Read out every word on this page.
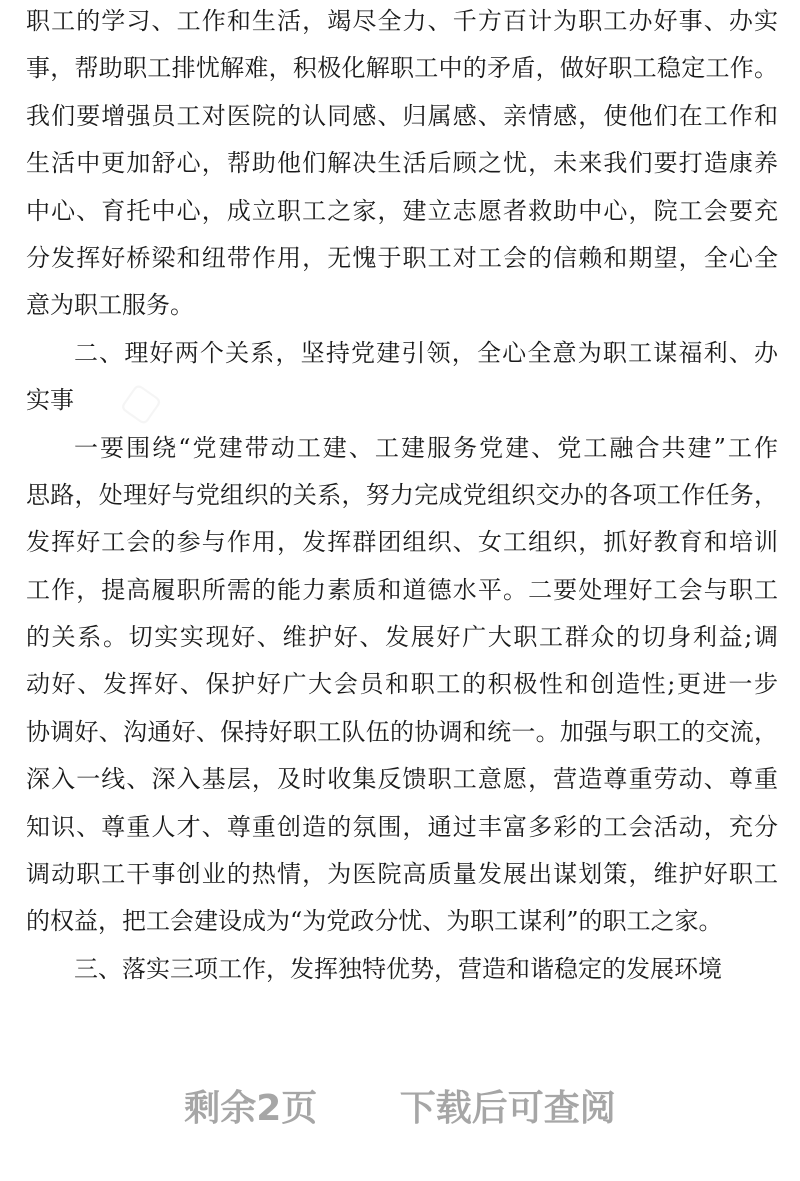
职工的学习、工作和生活，竭尽全力、千方百计为职工办好事、办实
事，帮助职工排忧解难，积极化解职工中的矛盾，做好职工稳定工作。
我们要增强员工对医院的认同感、归属感、亲情感，使他们在工作和
生活中更加舒心，帮助他们解决生活后顾之忧，未来我们要打造康养
中心、育托中心，成立职工之家，建立志愿者救助中心，院工会要充
分发挥好桥梁和纽带作用，无愧于职工对工会的信赖和期望，全心全
意为职工服务。
二、理好两个关系，坚持党建引领，全心全意为职工谋福利、办
实事
一要围绕“党建带动工建、工建服务党建、党工融合共建”工作
思路，处理好与党组织的关系，努力完成党组织交办的各项工作任务，
发挥好工会的参与作用，发挥群团组织、女工组织，抓好教育和培训
工作，提高履职所需的能力素质和道德水平。二要处理好工会与职工
的关系。切实实现好、维护好、发展好广大职工群众的切身利益;调
动好、发挥好、保护好广大会员和职工的积极性和创造性;更进一步
协调好、沟通好、保持好职工队伍的协调和统一。加强与职工的交流，
深入一线、深入基层，及时收集反馈职工意愿，营造尊重劳动、尊重
知识、尊重人才、尊重创造的氛围，通过丰富多彩的工会活动，充分
调动职工干事创业的热情，为医院高质量发展出谋划策，维护好职工
的权益，把工会建设成为“为党政分忧、为职工谋利”的职工之家。
三、落实三项工作，发挥独特优势，营造和谐稳定的发展环境
剩余2页 下载后可查阅
